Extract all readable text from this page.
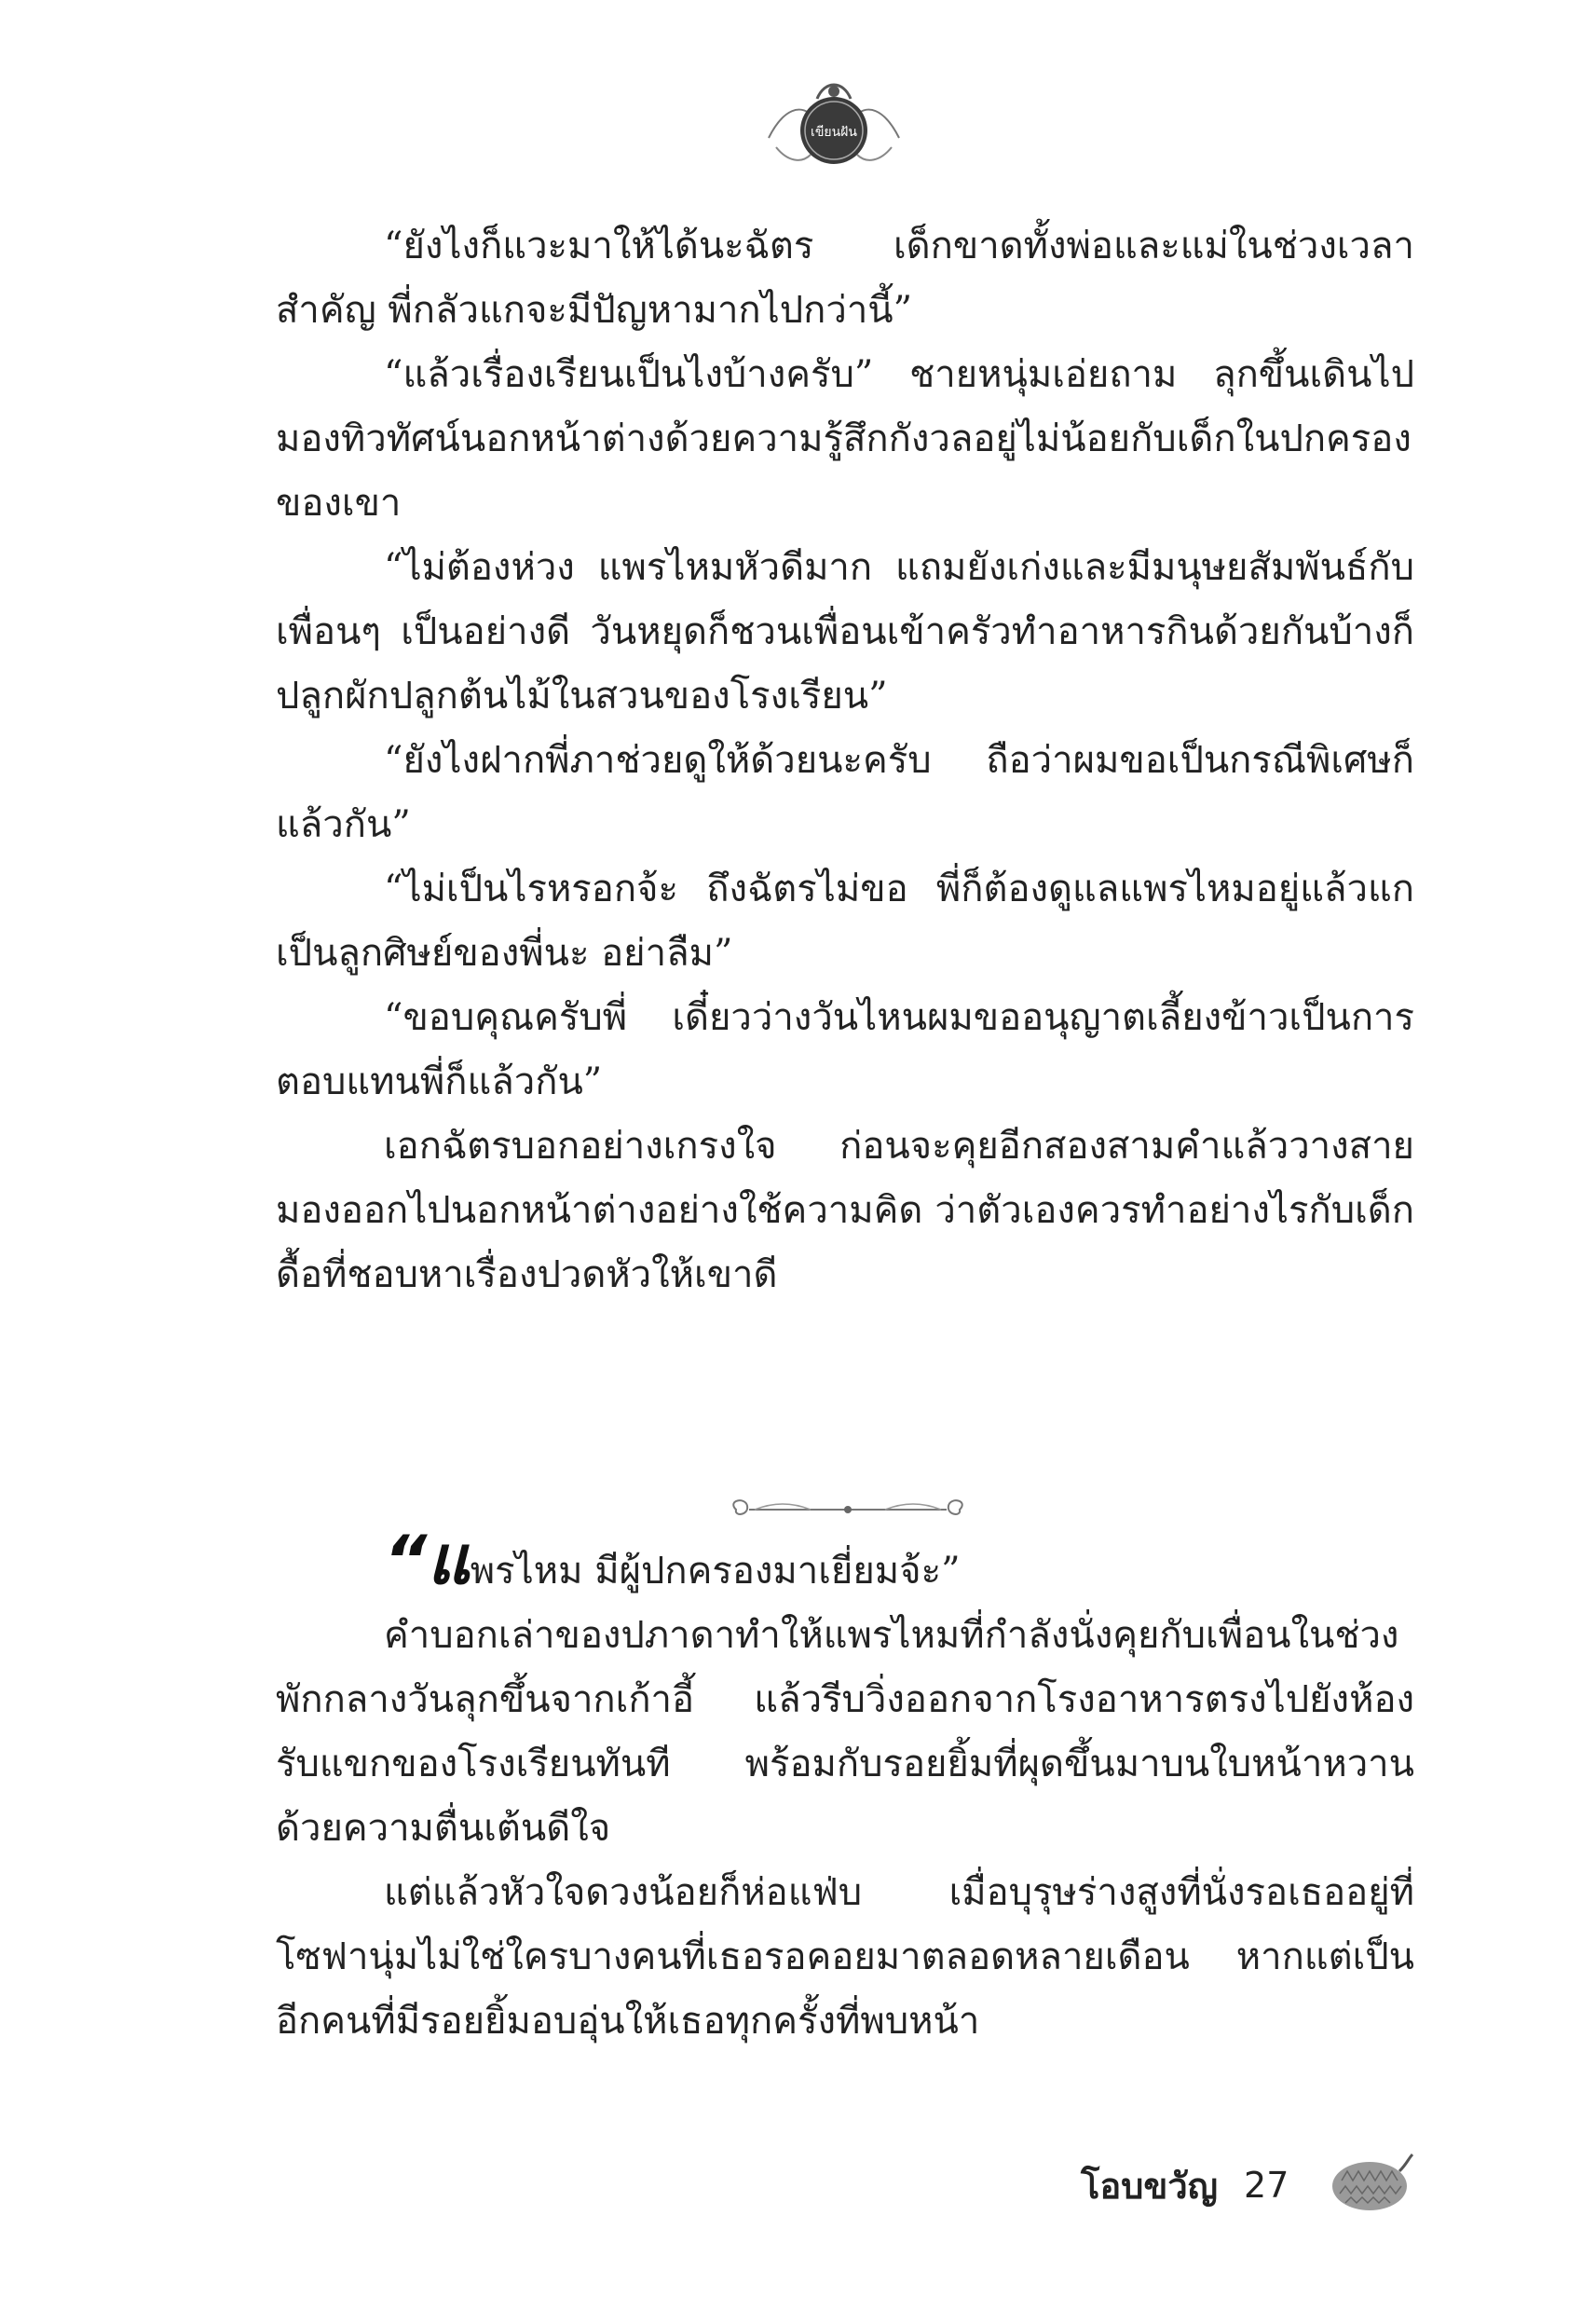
เขียนฝัน

“ยังไงก็แวะมาให้ได้นะฉัตร เด็กขาดทั้งพ่อและแม่ในช่วงเวลาสำคัญ พี่กลัวแกจะมีปัญหามากไปกว่านี้”

“แล้วเรื่องเรียนเป็นไงบ้างครับ” ชายหนุ่มเอ่ยถาม ลุกขึ้นเดินไปมองทิวทัศน์นอกหน้าต่างด้วยความรู้สึกกังวลอยู่ไม่น้อยกับเด็กในปกครองของเขา

“ไม่ต้องห่วง แพรไหมหัวดีมาก แถมยังเก่งและมีมนุษยสัมพันธ์กับเพื่อนๆ เป็นอย่างดี วันหยุดก็ชวนเพื่อนเข้าครัวทำอาหารกินด้วยกันบ้างก็ปลูกผักปลูกต้นไม้ในสวนของโรงเรียน”

“ยังไงฝากพี่ภาช่วยดูให้ด้วยนะครับ ถือว่าผมขอเป็นกรณีพิเศษก็แล้วกัน”

“ไม่เป็นไรหรอกจ้ะ ถึงฉัตรไม่ขอ พี่ก็ต้องดูแลแพรไหมอยู่แล้วแกเป็นลูกศิษย์ของพี่นะ อย่าลืม”

“ขอบคุณครับพี่ เดี๋ยวว่างวันไหนผมขออนุญาตเลี้ยงข้าวเป็นการตอบแทนพี่ก็แล้วกัน”

เอกฉัตรบอกอย่างเกรงใจ ก่อนจะคุยอีกสองสามคำแล้ววางสายมองออกไปนอกหน้าต่างอย่างใช้ความคิด ว่าตัวเองควรทำอย่างไรกับเด็กดื้อที่ชอบหาเรื่องปวดหัวให้เขาดี

“แพรไหม มีผู้ปกครองมาเยี่ยมจ้ะ”

คำบอกเล่าของปภาดาทำให้แพรไหมที่กำลังนั่งคุยกับเพื่อนในช่วงพักกลางวันลุกขึ้นจากเก้าอี้ แล้วรีบวิ่งออกจากโรงอาหารตรงไปยังห้องรับแขกของโรงเรียนทันที พร้อมกับรอยยิ้มที่ผุดขึ้นมาบนใบหน้าหวานด้วยความตื่นเต้นดีใจ

แต่แล้วหัวใจดวงน้อยก็ห่อแฟ่บ เมื่อบุรุษร่างสูงที่นั่งรอเธออยู่ที่โซฟานุ่มไม่ใช่ใครบางคนที่เธอรอคอยมาตลอดหลายเดือน หากแต่เป็นอีกคนที่มีรอยยิ้มอบอุ่นให้เธอทุกครั้งที่พบหน้า

โอบขวัญ 27
